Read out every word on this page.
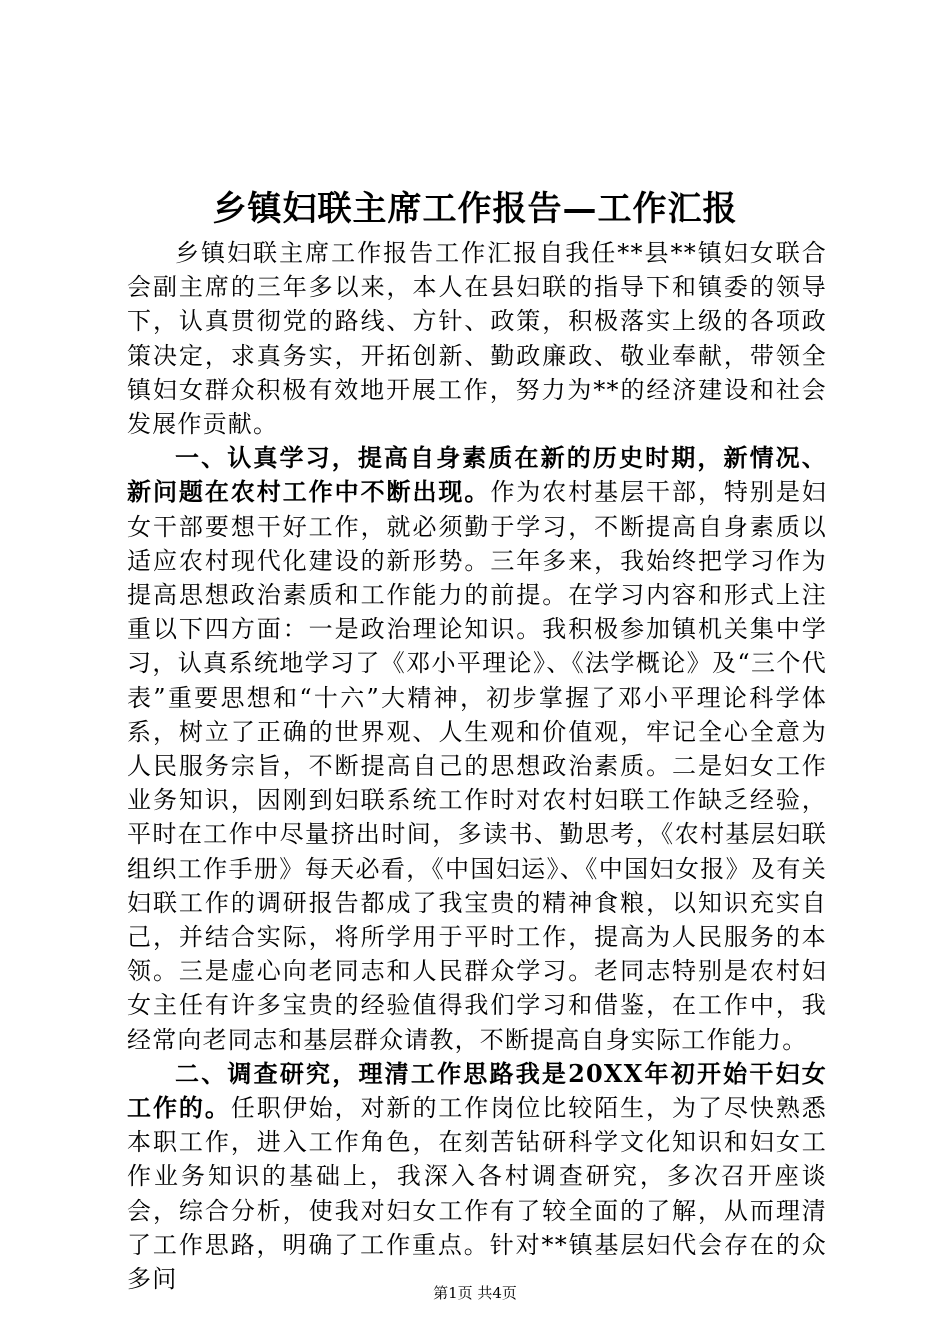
乡镇妇联主席工作报告—工作汇报

乡镇妇联主席工作报告工作汇报自我任**县**镇妇女联合会副主席的三年多以来，本人在县妇联的指导下和镇委的领导下，认真贯彻党的路线、方针、政策，积极落实上级的各项政策决定，求真务实，开拓创新、勤政廉政、敬业奉献，带领全镇妇女群众积极有效地开展工作，努力为**的经济建设和社会发展作贡献。

一、认真学习，提高自身素质在新的历史时期，新情况、新问题在农村工作中不断出现。作为农村基层干部，特别是妇女干部要想干好工作，就必须勤于学习，不断提高自身素质以适应农村现代化建设的新形势。三年多来，我始终把学习作为提高思想政治素质和工作能力的前提。在学习内容和形式上注重以下四方面：一是政治理论知识。我积极参加镇机关集中学习，认真系统地学习了《邓小平理论》、《法学概论》及“三个代表”重要思想和“十六”大精神，初步掌握了邓小平理论科学体系，树立了正确的世界观、人生观和价值观，牢记全心全意为人民服务宗旨，不断提高自己的思想政治素质。二是妇女工作业务知识，因刚到妇联系统工作时对农村妇联工作缺乏经验，平时在工作中尽量挤出时间，多读书、勤思考，《农村基层妇联组织工作手册》每天必看，《中国妇运》、《中国妇女报》及有关妇联工作的调研报告都成了我宝贵的精神食粮，以知识充实自己，并结合实际，将所学用于平时工作，提高为人民服务的本领。三是虚心向老同志和人民群众学习。老同志特别是农村妇女主任有许多宝贵的经验值得我们学习和借鉴，在工作中，我经常向老同志和基层群众请教，不断提高自身实际工作能力。

二、调查研究，理清工作思路我是20XX年初开始干妇女工作的。任职伊始，对新的工作岗位比较陌生，为了尽快熟悉本职工作，进入工作角色，在刻苦钻研科学文化知识和妇女工作业务知识的基础上，我深入各村调查研究，多次召开座谈会，综合分析，使我对妇女工作有了较全面的了解，从而理清了工作思路，明确了工作重点。针对**镇基层妇代会存在的众多问	第1页 共4页
